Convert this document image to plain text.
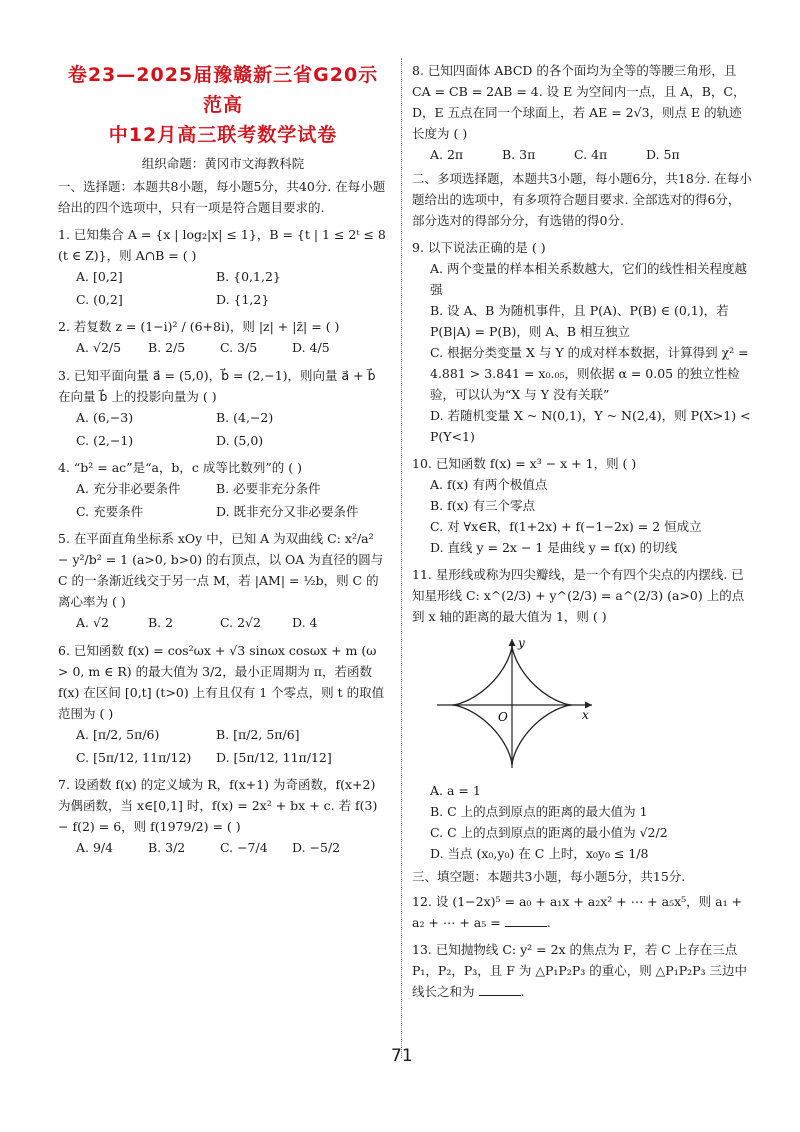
卷23—2025届豫赣新三省G20示范高
中12月高三联考数学试卷
组织命题：黄冈市文海教科院
一、选择题：本题共8小题，每小题5分，共40分. 在每小题给出的四个选项中，只有一项是符合题目要求的.
1. 已知集合 A = {x | log₂|x| ≤ 1}，B = {t | 1 ≤ 2ᵗ ≤ 8 (t ∈ Z)}，则 A∩B = ( )
A. [0,2]	B. {0,1,2}
C. (0,2]	D. {1,2}
2. 若复数 z = (1−i)² / (6+8i)，则 |z| + |z̄| = ( )
A. √2/5	B. 2/5	C. 3/5	D. 4/5
3. 已知平面向量 a⃗ = (5,0)，b⃗ = (2,−1)，则向量 a⃗ + b⃗ 在向量 b⃗ 上的投影向量为 ( )
A. (6,−3)	B. (4,−2)
C. (2,−1)	D. (5,0)
4. “b² = ac”是“a，b，c 成等比数列”的 ( )
A. 充分非必要条件	B. 必要非充分条件
C. 充要条件	D. 既非充分又非必要条件
5. 在平面直角坐标系 xOy 中，已知 A 为双曲线 C: x²/a² − y²/b² = 1 (a>0, b>0) 的右顶点，以 OA 为直径的圆与 C 的一条渐近线交于另一点 M，若 |AM| = ½b，则 C 的离心率为 ( )
A. √2	B. 2	C. 2√2	D. 4
6. 已知函数 f(x) = cos²ωx + √3 sinωx cosωx + m (ω > 0, m ∈ R) 的最大值为 3/2，最小正周期为 π，若函数 f(x) 在区间 [0,t] (t>0) 上有且仅有 1 个零点，则 t 的取值范围为 ( )
A. [π/2, 5π/6)	B. [π/2, 5π/6]
C. [5π/12, 11π/12)	D. [5π/12, 11π/12]
7. 设函数 f(x) 的定义域为 R，f(x+1) 为奇函数，f(x+2) 为偶函数，当 x∈[0,1] 时，f(x) = 2x² + bx + c. 若 f(3) − f(2) = 6，则 f(1979/2) = ( )
A. 9/4	B. 3/2	C. −7/4	D. −5/2
8. 已知四面体 ABCD 的各个面均为全等的等腰三角形，且 CA = CB = 2AB = 4. 设 E 为空间内一点，且 A，B，C，D，E 五点在同一个球面上，若 AE = 2√3，则点 E 的轨迹长度为 ( )
A. 2π	B. 3π	C. 4π	D. 5π
二、多项选择题，本题共3小题，每小题6分，共18分. 在每小题给出的选项中，有多项符合题目要求. 全部选对的得6分，部分选对的得部分分，有选错的得0分.
9. 以下说法正确的是 ( )
A. 两个变量的样本相关系数越大，它们的线性相关程度越强
B. 设 A、B 为随机事件，且 P(A)、P(B) ∈ (0,1)，若 P(B|A) = P(B)，则 A、B 相互独立
C. 根据分类变量 X 与 Y 的成对样本数据，计算得到 χ² = 4.881 > 3.841 = x₀.₀₅，则依据 α = 0.05 的独立性检验，可以认为“X 与 Y 没有关联”
D. 若随机变量 X ~ N(0,1)，Y ~ N(2,4)，则 P(X>1) < P(Y<1)
10. 已知函数 f(x) = x³ − x + 1，则 ( )
A. f(x) 有两个极值点
B. f(x) 有三个零点
C. 对 ∀x∈R，f(1+2x) + f(−1−2x) = 2 恒成立
D. 直线 y = 2x − 1 是曲线 y = f(x) 的切线
11. 星形线或称为四尖瓣线，是一个有四个尖点的内摆线. 已知星形线 C: x^(2/3) + y^(2/3) = a^(2/3) (a>0) 上的点到 x 轴的距离的最大值为 1，则 ( )
O
y
x
A. a = 1
B. C 上的点到原点的距离的最大值为 1
C. C 上的点到原点的距离的最小值为 √2/2
D. 当点 (x₀,y₀) 在 C 上时，x₀y₀ ≤ 1/8
三、填空题：本题共3小题，每小题5分，共15分.
12. 设 (1−2x)⁵ = a₀ + a₁x + a₂x² + ⋯ + a₅x⁵，则 a₁ + a₂ + ⋯ + a₅ =	.
13. 已知抛物线 C: y² = 2x 的焦点为 F，若 C 上存在三点 P₁，P₂，P₃，且 F 为 △P₁P₂P₃ 的重心，则 △P₁P₂P₃ 三边中线长之和为	.
71
